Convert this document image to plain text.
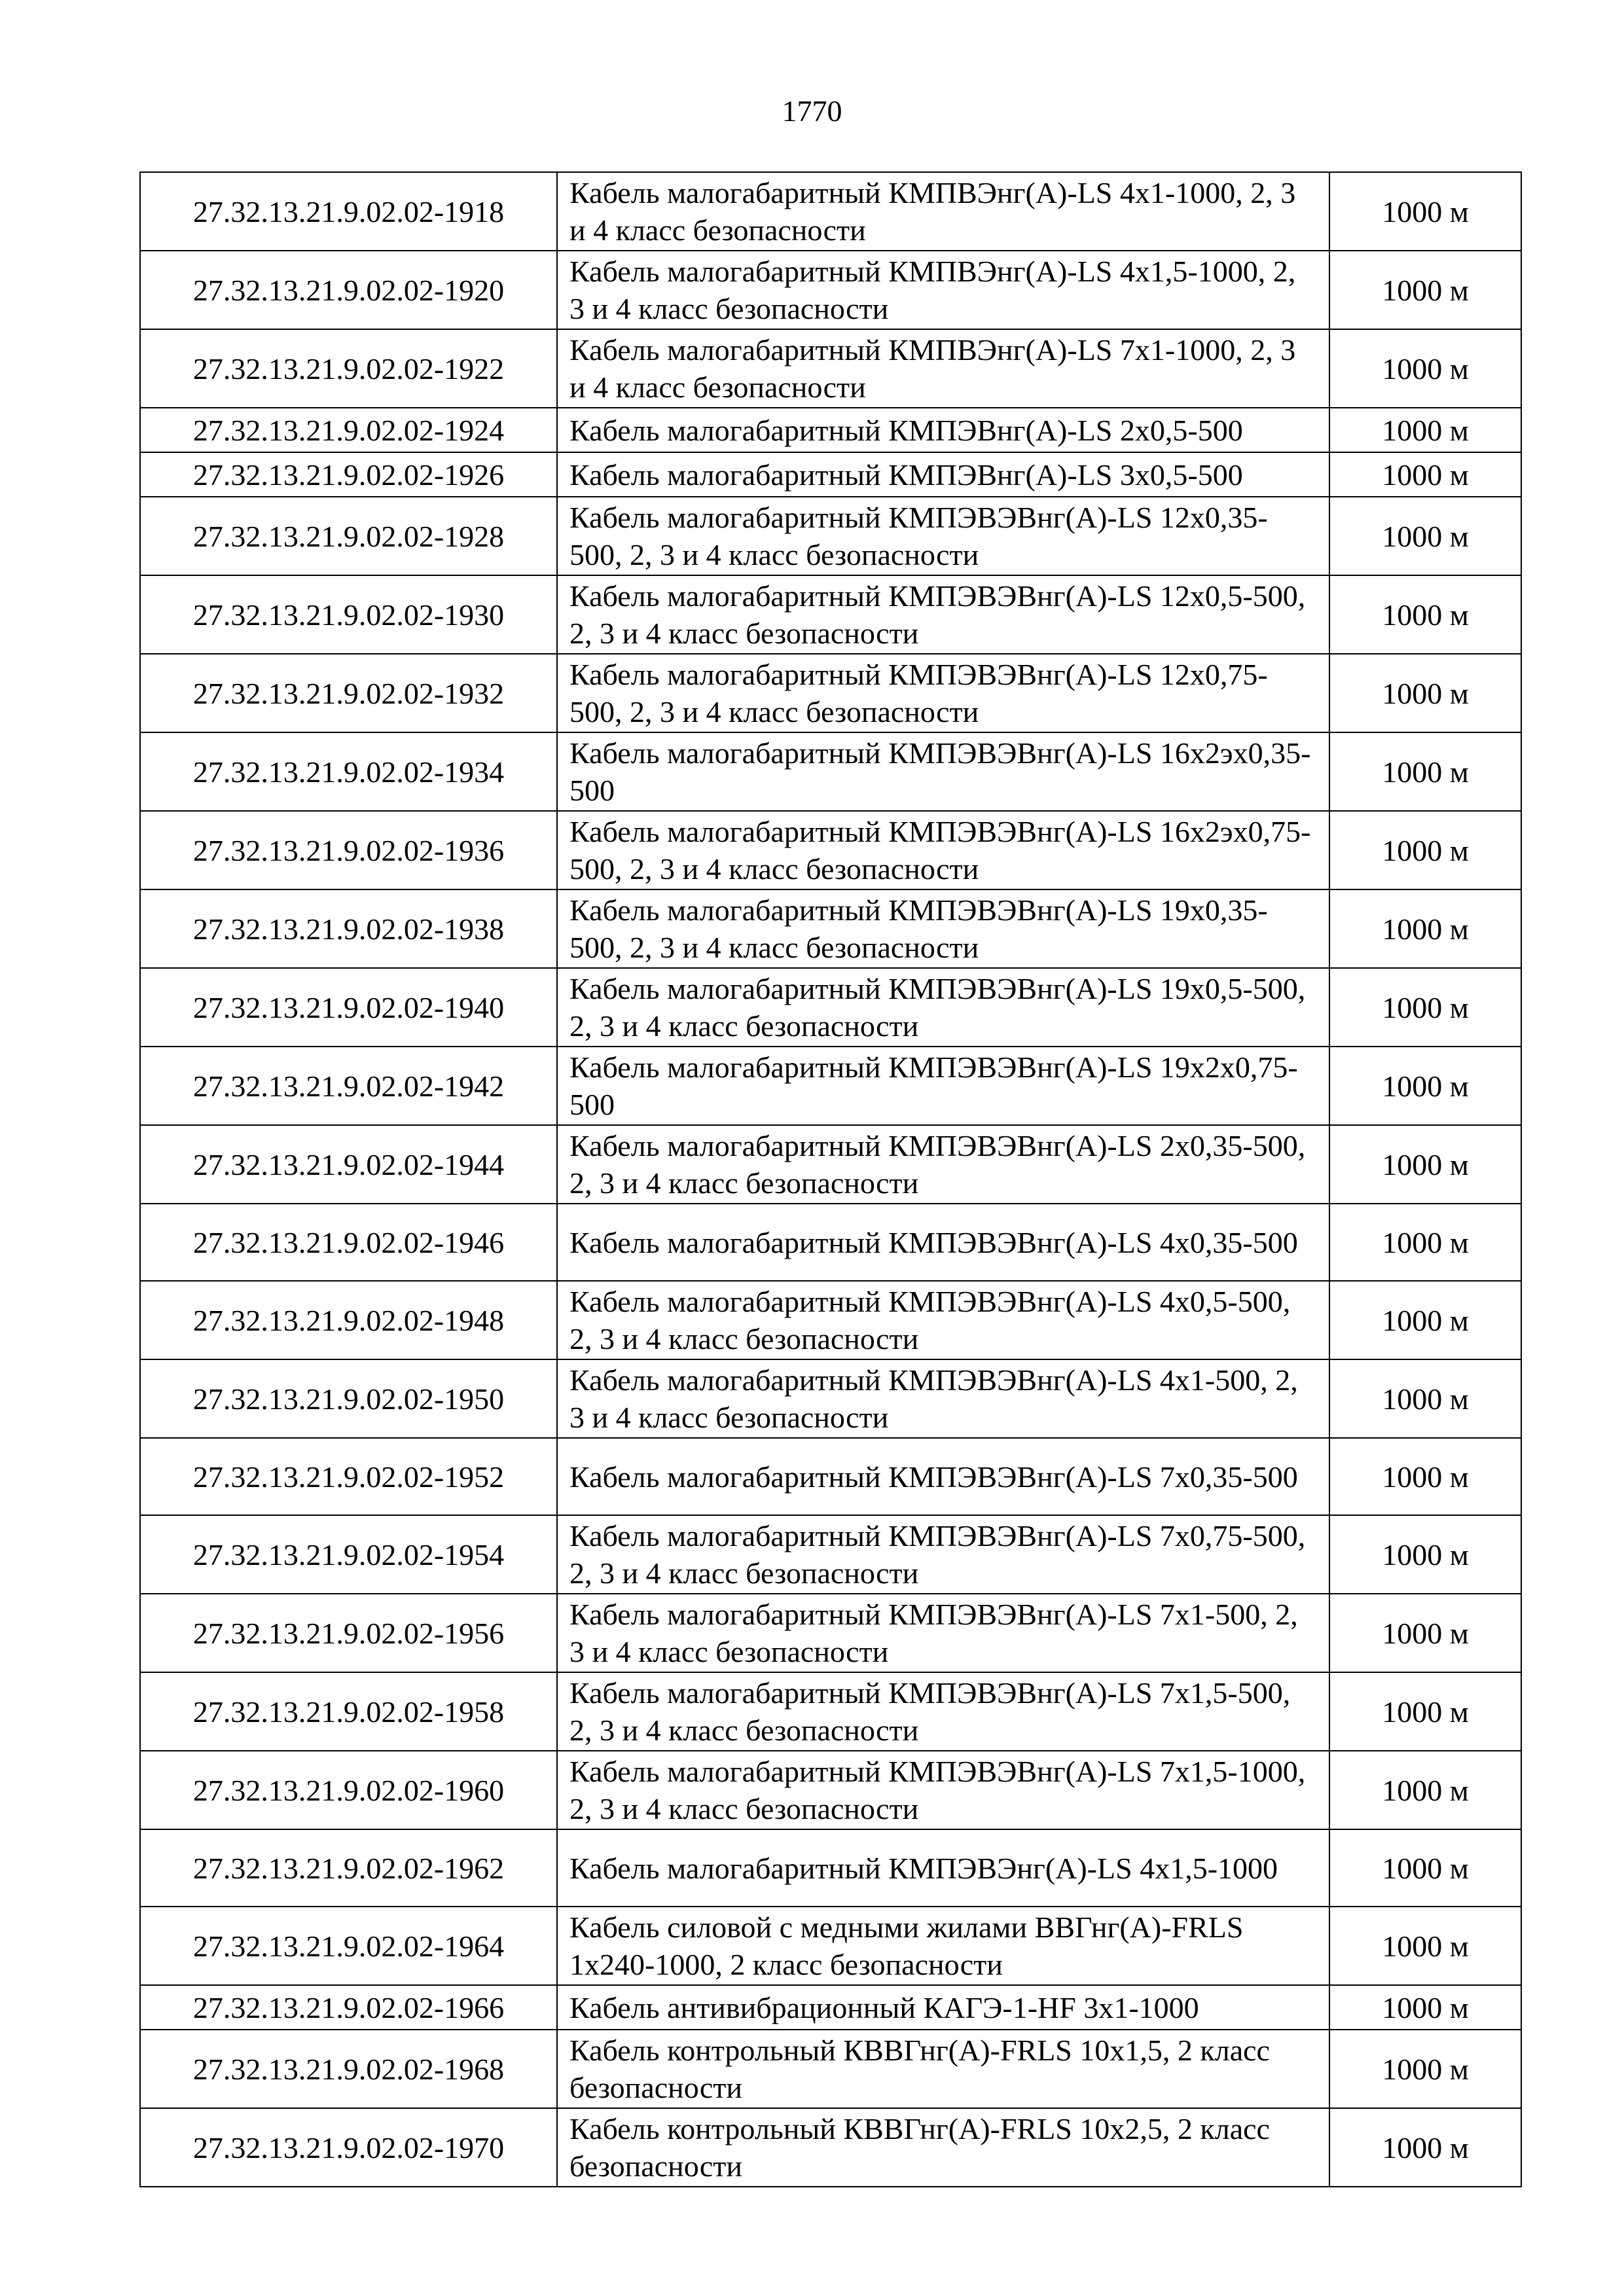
1770
27.32.13.21.9.02.02-1918	Кабель малогабаритный КМПВЭнг(A)-LS 4x1-1000, 2, 3 и 4 класс безопасности	1000 м
27.32.13.21.9.02.02-1920	Кабель малогабаритный КМПВЭнг(A)-LS 4x1,5-1000, 2, 3 и 4 класс безопасности	1000 м
27.32.13.21.9.02.02-1922	Кабель малогабаритный КМПВЭнг(A)-LS 7x1-1000, 2, 3 и 4 класс безопасности	1000 м
27.32.13.21.9.02.02-1924	Кабель малогабаритный КМПЭВнг(A)-LS 2x0,5-500	1000 м
27.32.13.21.9.02.02-1926	Кабель малогабаритный КМПЭВнг(A)-LS 3x0,5-500	1000 м
27.32.13.21.9.02.02-1928	Кабель малогабаритный КМПЭВЭВнг(A)-LS 12x0,35-500, 2, 3 и 4 класс безопасности	1000 м
27.32.13.21.9.02.02-1930	Кабель малогабаритный КМПЭВЭВнг(A)-LS 12x0,5-500, 2, 3 и 4 класс безопасности	1000 м
27.32.13.21.9.02.02-1932	Кабель малогабаритный КМПЭВЭВнг(A)-LS 12x0,75-500, 2, 3 и 4 класс безопасности	1000 м
27.32.13.21.9.02.02-1934	Кабель малогабаритный КМПЭВЭВнг(A)-LS 16x2эx0,35-500	1000 м
27.32.13.21.9.02.02-1936	Кабель малогабаритный КМПЭВЭВнг(A)-LS 16x2эx0,75-500, 2, 3 и 4 класс безопасности	1000 м
27.32.13.21.9.02.02-1938	Кабель малогабаритный КМПЭВЭВнг(A)-LS 19x0,35-500, 2, 3 и 4 класс безопасности	1000 м
27.32.13.21.9.02.02-1940	Кабель малогабаритный КМПЭВЭВнг(A)-LS 19x0,5-500, 2, 3 и 4 класс безопасности	1000 м
27.32.13.21.9.02.02-1942	Кабель малогабаритный КМПЭВЭВнг(A)-LS 19x2x0,75-500	1000 м
27.32.13.21.9.02.02-1944	Кабель малогабаритный КМПЭВЭВнг(A)-LS 2x0,35-500, 2, 3 и 4 класс безопасности	1000 м
27.32.13.21.9.02.02-1946	Кабель малогабаритный КМПЭВЭВнг(A)-LS 4x0,35-500	1000 м
27.32.13.21.9.02.02-1948	Кабель малогабаритный КМПЭВЭВнг(A)-LS 4x0,5-500, 2, 3 и 4 класс безопасности	1000 м
27.32.13.21.9.02.02-1950	Кабель малогабаритный КМПЭВЭВнг(A)-LS 4x1-500, 2, 3 и 4 класс безопасности	1000 м
27.32.13.21.9.02.02-1952	Кабель малогабаритный КМПЭВЭВнг(A)-LS 7x0,35-500	1000 м
27.32.13.21.9.02.02-1954	Кабель малогабаритный КМПЭВЭВнг(A)-LS 7x0,75-500, 2, 3 и 4 класс безопасности	1000 м
27.32.13.21.9.02.02-1956	Кабель малогабаритный КМПЭВЭВнг(A)-LS 7x1-500, 2, 3 и 4 класс безопасности	1000 м
27.32.13.21.9.02.02-1958	Кабель малогабаритный КМПЭВЭВнг(A)-LS 7x1,5-500, 2, 3 и 4 класс безопасности	1000 м
27.32.13.21.9.02.02-1960	Кабель малогабаритный КМПЭВЭВнг(A)-LS 7x1,5-1000, 2, 3 и 4 класс безопасности	1000 м
27.32.13.21.9.02.02-1962	Кабель малогабаритный КМПЭВЭнг(A)-LS 4x1,5-1000	1000 м
27.32.13.21.9.02.02-1964	Кабель силовой с медными жилами ВВГнг(A)-FRLS 1x240-1000, 2 класс безопасности	1000 м
27.32.13.21.9.02.02-1966	Кабель антивибрационный КАГЭ-1-HF 3x1-1000	1000 м
27.32.13.21.9.02.02-1968	Кабель контрольный КВВГнг(A)-FRLS 10x1,5, 2 класс безопасности	1000 м
27.32.13.21.9.02.02-1970	Кабель контрольный КВВГнг(A)-FRLS 10x2,5, 2 класс безопасности	1000 м
